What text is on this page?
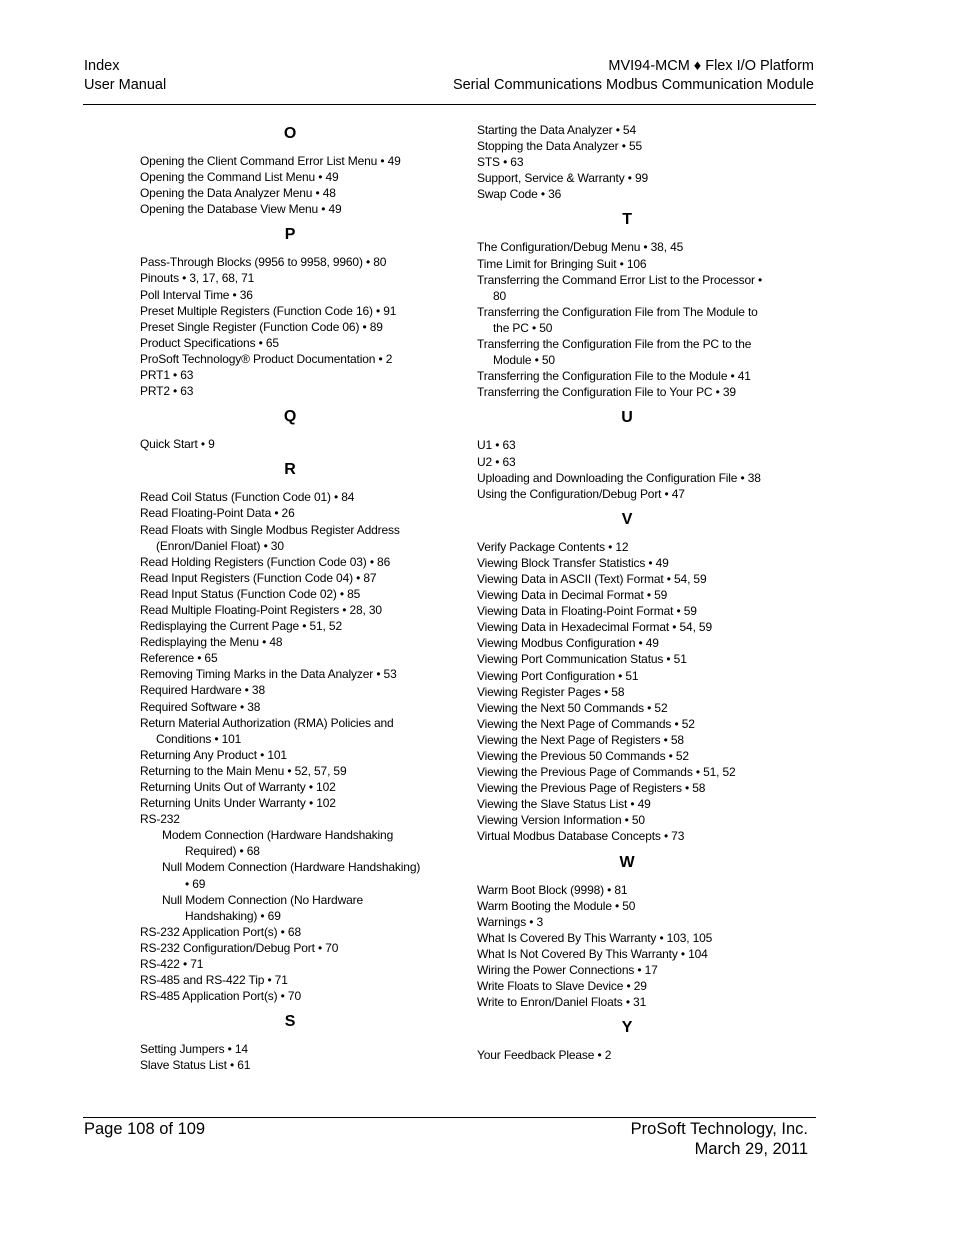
Index
User Manual
MVI94-MCM ♦ Flex I/O Platform
Serial Communications Modbus Communication Module
O
Opening the Client Command Error List Menu • 49
Opening the Command List Menu • 49
Opening the Data Analyzer Menu • 48
Opening the Database View Menu • 49
P
Pass-Through Blocks (9956 to 9958, 9960) • 80
Pinouts • 3, 17, 68, 71
Poll Interval Time • 36
Preset Multiple Registers (Function Code 16) • 91
Preset Single Register (Function Code 06) • 89
Product Specifications • 65
ProSoft Technology® Product Documentation • 2
PRT1 • 63
PRT2 • 63
Q
Quick Start • 9
R
Read Coil Status (Function Code 01) • 84
Read Floating-Point Data • 26
Read Floats with Single Modbus Register Address (Enron/Daniel Float) • 30
Read Holding Registers (Function Code 03) • 86
Read Input Registers (Function Code 04) • 87
Read Input Status (Function Code 02) • 85
Read Multiple Floating-Point Registers • 28, 30
Redisplaying the Current Page • 51, 52
Redisplaying the Menu • 48
Reference • 65
Removing Timing Marks in the Data Analyzer • 53
Required Hardware • 38
Required Software • 38
Return Material Authorization (RMA) Policies and Conditions • 101
Returning Any Product • 101
Returning to the Main Menu • 52, 57, 59
Returning Units Out of Warranty • 102
Returning Units Under Warranty • 102
RS-232
Modem Connection (Hardware Handshaking Required) • 68
Null Modem Connection (Hardware Handshaking) • 69
Null Modem Connection (No Hardware Handshaking) • 69
RS-232 Application Port(s) • 68
RS-232 Configuration/Debug Port • 70
RS-422 • 71
RS-485 and RS-422 Tip • 71
RS-485 Application Port(s) • 70
S
Setting Jumpers • 14
Slave Status List • 61
Starting the Data Analyzer • 54
Stopping the Data Analyzer • 55
STS • 63
Support, Service & Warranty • 99
Swap Code • 36
T
The Configuration/Debug Menu • 38, 45
Time Limit for Bringing Suit • 106
Transferring the Command Error List to the Processor • 80
Transferring the Configuration File from The Module to the PC • 50
Transferring the Configuration File from the PC to the Module • 50
Transferring the Configuration File to the Module • 41
Transferring the Configuration File to Your PC • 39
U
U1 • 63
U2 • 63
Uploading and Downloading the Configuration File • 38
Using the Configuration/Debug Port • 47
V
Verify Package Contents • 12
Viewing Block Transfer Statistics • 49
Viewing Data in ASCII (Text) Format • 54, 59
Viewing Data in Decimal Format • 59
Viewing Data in Floating-Point Format • 59
Viewing Data in Hexadecimal Format • 54, 59
Viewing Modbus Configuration • 49
Viewing Port Communication Status • 51
Viewing Port Configuration • 51
Viewing Register Pages • 58
Viewing the Next 50 Commands • 52
Viewing the Next Page of Commands • 52
Viewing the Next Page of Registers • 58
Viewing the Previous 50 Commands • 52
Viewing the Previous Page of Commands • 51, 52
Viewing the Previous Page of Registers • 58
Viewing the Slave Status List • 49
Viewing Version Information • 50
Virtual Modbus Database Concepts • 73
W
Warm Boot Block (9998) • 81
Warm Booting the Module • 50
Warnings • 3
What Is Covered By This Warranty • 103, 105
What Is Not Covered By This Warranty • 104
Wiring the Power Connections • 17
Write Floats to Slave Device • 29
Write to Enron/Daniel Floats • 31
Y
Your Feedback Please • 2
Page 108 of 109	ProSoft Technology, Inc.
March 29, 2011
